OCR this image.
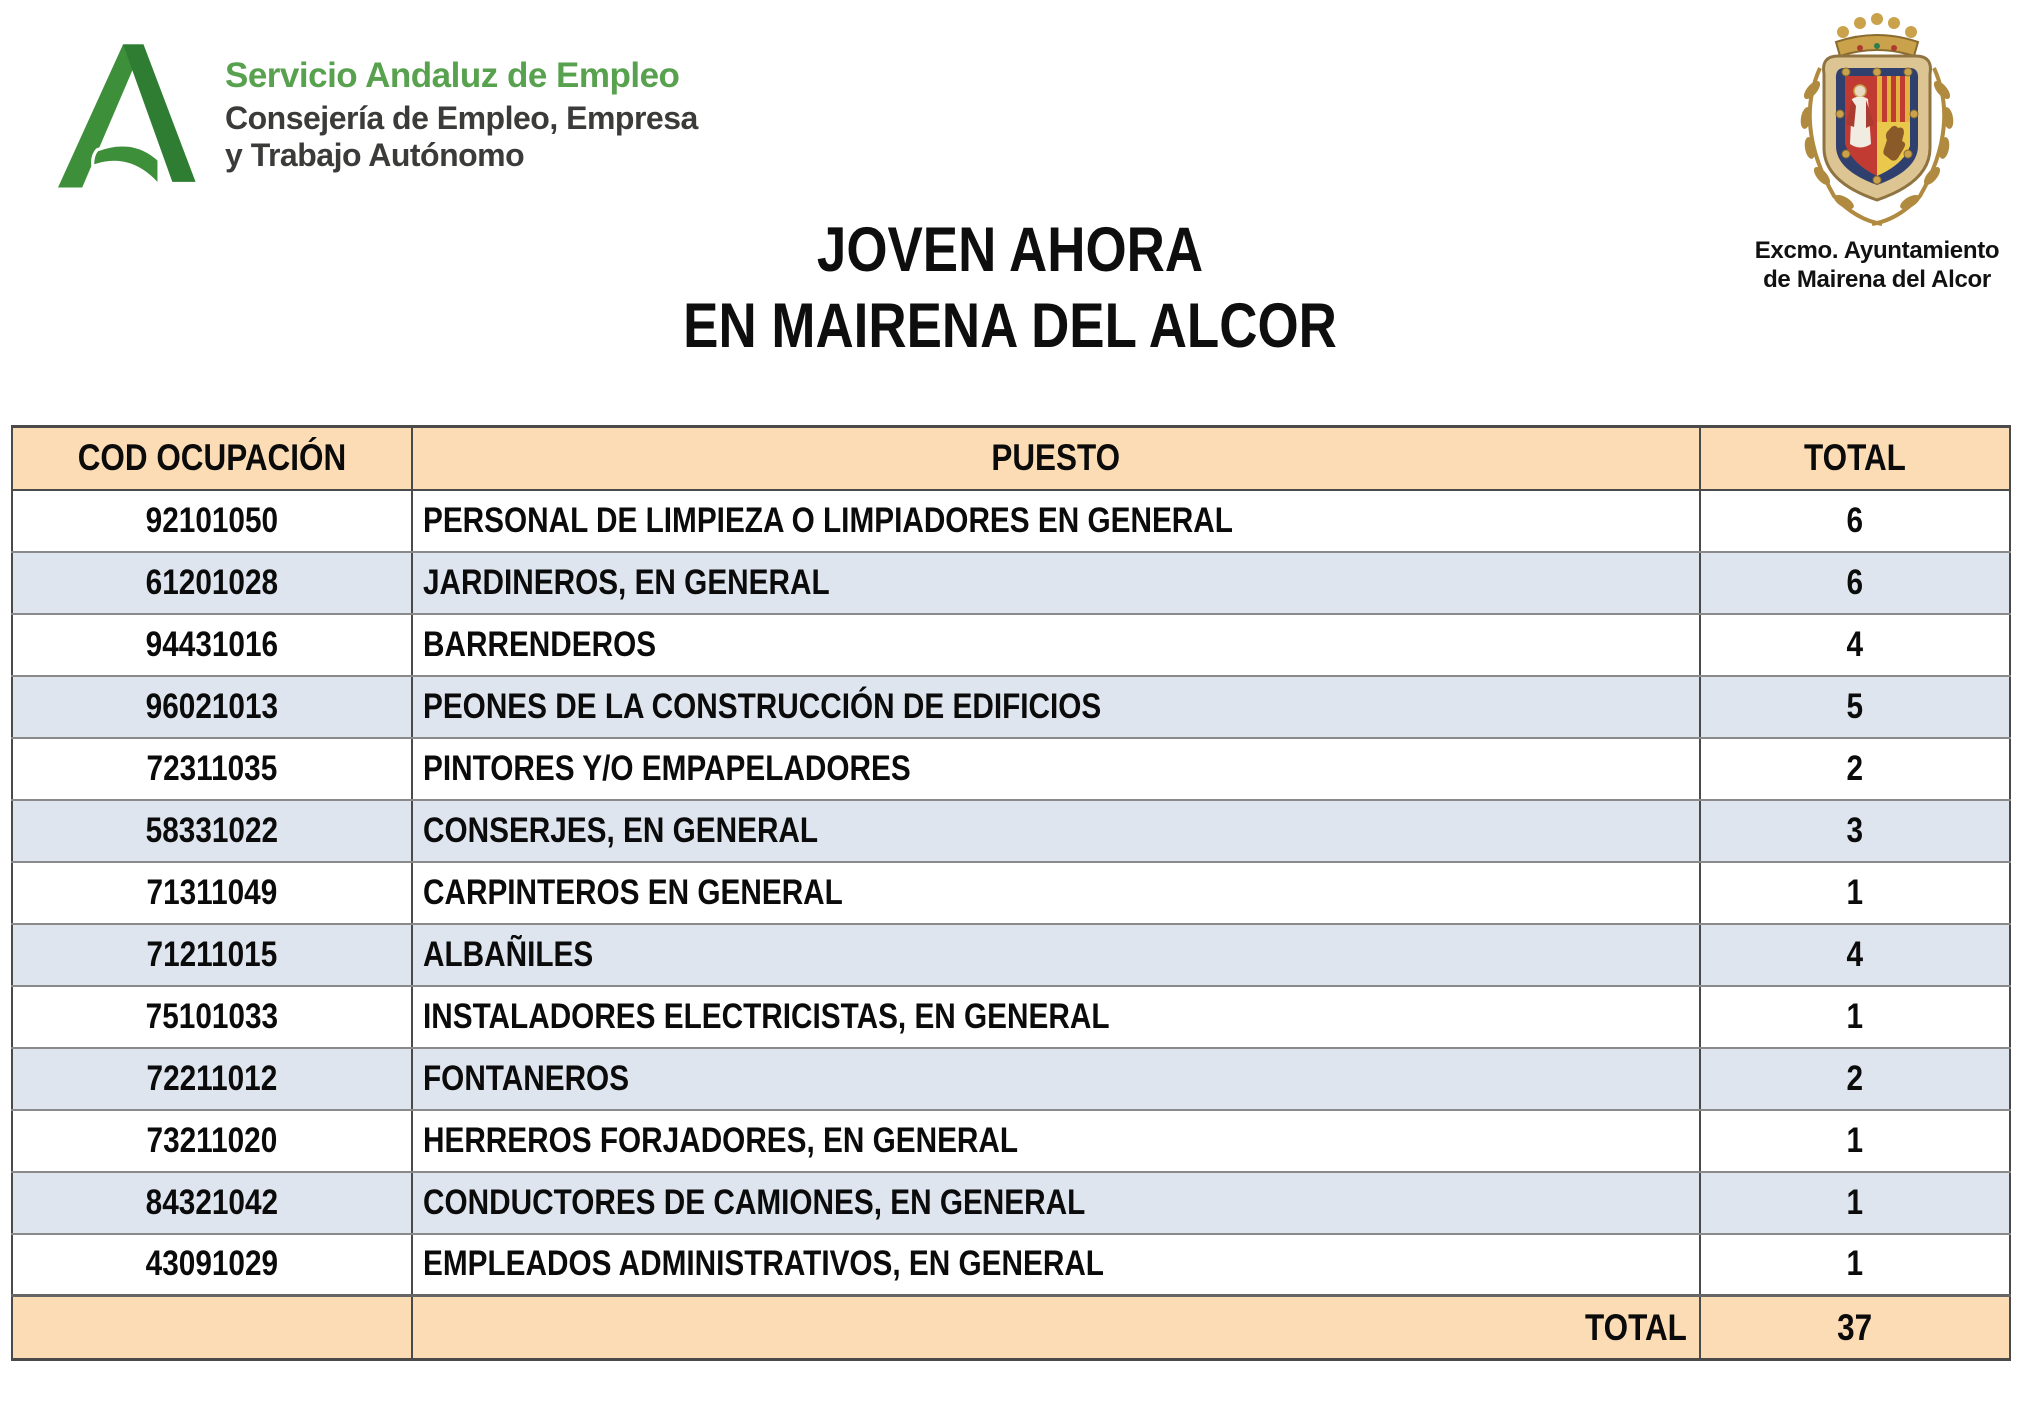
Servicio Andaluz de Empleo
Consejería de Empleo, Empresa
y Trabajo Autónomo
JOVEN AHORA
EN MAIRENA DEL ALCOR
Excmo. Ayuntamiento
de Mairena del Alcor
COD OCUPACIÓN	PUESTO	TOTAL
92101050	PERSONAL DE LIMPIEZA O LIMPIADORES EN GENERAL	6
61201028	JARDINEROS, EN GENERAL	6
94431016	BARRENDEROS	4
96021013	PEONES DE LA CONSTRUCCIÓN DE EDIFICIOS	5
72311035	PINTORES Y/O EMPAPELADORES	2
58331022	CONSERJES, EN GENERAL	3
71311049	CARPINTEROS EN GENERAL	1
71211015	ALBAÑILES	4
75101033	INSTALADORES ELECTRICISTAS, EN GENERAL	1
72211012	FONTANEROS	2
73211020	HERREROS FORJADORES, EN GENERAL	1
84321042	CONDUCTORES DE CAMIONES, EN GENERAL	1
43091029	EMPLEADOS ADMINISTRATIVOS, EN GENERAL	1
	TOTAL	37
